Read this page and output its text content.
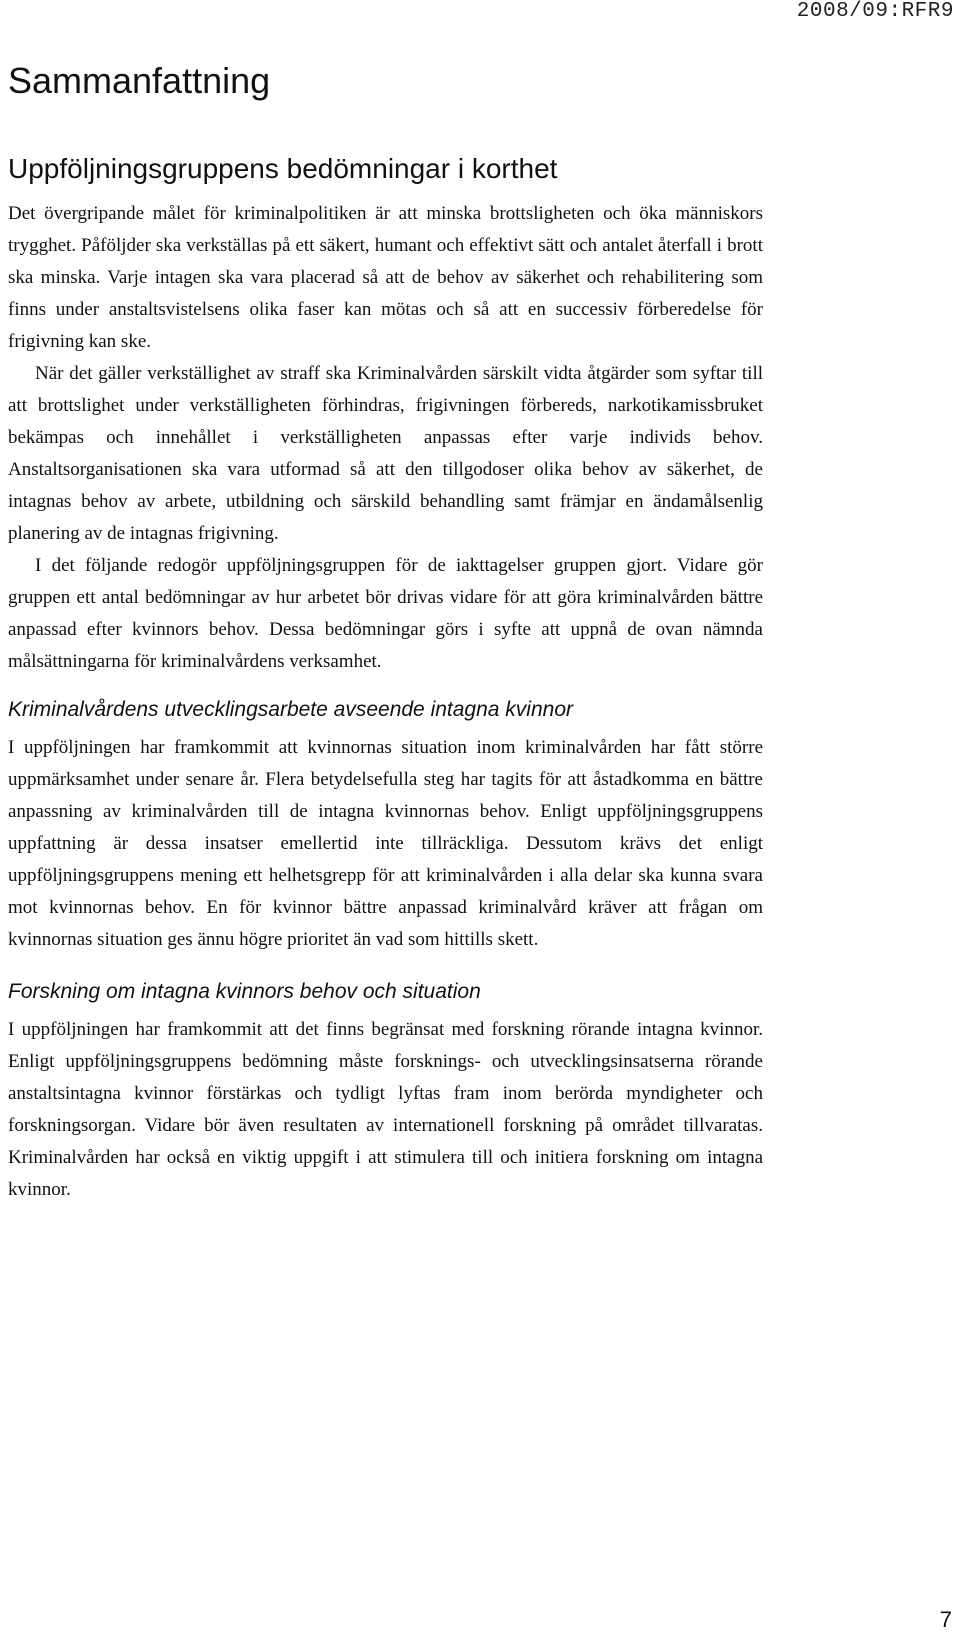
2008/09:RFR9
Sammanfattning
Uppföljningsgruppens bedömningar i korthet

Det övergripande målet för kriminalpolitiken är att minska brottsligheten och öka människors trygghet. Påföljder ska verkställas på ett säkert, humant och effektivt sätt och antalet återfall i brott ska minska. Varje intagen ska vara placerad så att de behov av säkerhet och rehabilitering som finns under anstaltsvistelsens olika faser kan mötas och så att en successiv förberedelse för frigivning kan ske.

När det gäller verkställighet av straff ska Kriminalvården särskilt vidta åtgärder som syftar till att brottslighet under verkställigheten förhindras, frigivningen förbereds, narkotikamissbruket bekämpas och innehållet i verkställigheten anpassas efter varje individs behov. Anstaltsorganisationen ska vara utformad så att den tillgodoser olika behov av säkerhet, de intagnas behov av arbete, utbildning och särskild behandling samt främjar en ändamålsenlig planering av de intagnas frigivning.

I det följande redogör uppföljningsgruppen för de iakttagelser gruppen gjort. Vidare gör gruppen ett antal bedömningar av hur arbetet bör drivas vidare för att göra kriminalvården bättre anpassad efter kvinnors behov. Dessa bedömningar görs i syfte att uppnå de ovan nämnda målsättningarna för kriminalvårdens verksamhet.

Kriminalvårdens utvecklingsarbete avseende intagna kvinnor

I uppföljningen har framkommit att kvinnornas situation inom kriminalvården har fått större uppmärksamhet under senare år. Flera betydelsefulla steg har tagits för att åstadkomma en bättre anpassning av kriminalvården till de intagna kvinnornas behov. Enligt uppföljningsgruppens uppfattning är dessa insatser emellertid inte tillräckliga. Dessutom krävs det enligt uppföljningsgruppens mening ett helhetsgrepp för att kriminalvården i alla delar ska kunna svara mot kvinnornas behov. En för kvinnor bättre anpassad kriminalvård kräver att frågan om kvinnornas situation ges ännu högre prioritet än vad som hittills skett.

Forskning om intagna kvinnors behov och situation

I uppföljningen har framkommit att det finns begränsat med forskning rörande intagna kvinnor. Enligt uppföljningsgruppens bedömning måste forsknings- och utvecklingsinsatserna rörande anstaltsintagna kvinnor förstärkas och tydligt lyftas fram inom berörda myndigheter och forskningsorgan. Vidare bör även resultaten av internationell forskning på området tillvaratas. Kriminalvården har också en viktig uppgift i att stimulera till och initiera forskning om intagna kvinnor.

7
